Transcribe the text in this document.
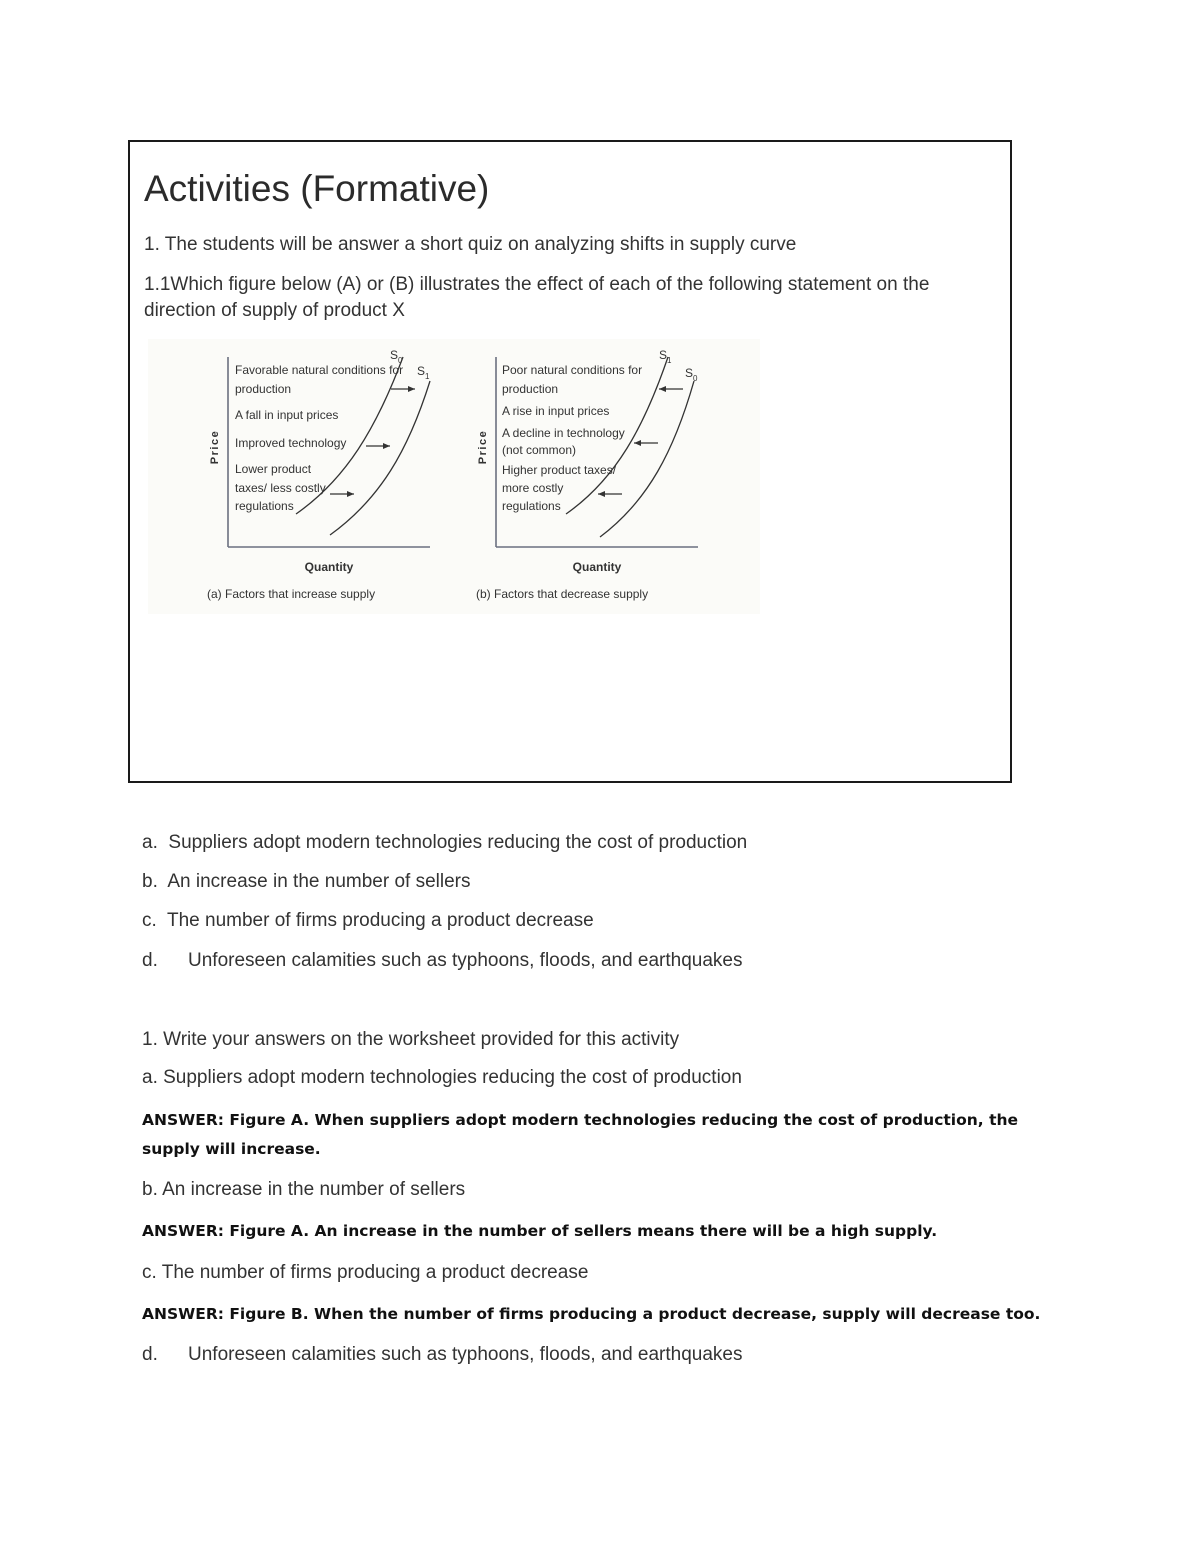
Activities (Formative)

1. The students will be answer a short quiz on analyzing shifts in supply curve

1.1Which figure below (A) or (B) illustrates the effect of each of the following statement on the direction of supply of product X

Price
Favorable natural conditions for
production
A fall in input prices
Improved technology
Lower product
taxes/ less costly
regulations
$S_0$
$S_1$
Quantity
(a) Factors that increase supply
Price
Poor natural conditions for
production
A rise in input prices
A decline in technology
(not common)
Higher product taxes/
more costly
regulations
$S_1$
$S_0$
Quantity
(b) Factors that decrease supply

a. Suppliers adopt modern technologies reducing the cost of production

b. An increase in the number of sellers

c. The number of firms producing a product decrease

d. Unforeseen calamities such as typhoons, floods, and earthquakes

1. Write your answers on the worksheet provided for this activity

a. Suppliers adopt modern technologies reducing the cost of production

ANSWER: Figure A. When suppliers adopt modern technologies reducing the cost of production, the supply will increase.

b. An increase in the number of sellers

ANSWER: Figure A. An increase in the number of sellers means there will be a high supply.

c. The number of firms producing a product decrease

ANSWER: Figure B. When the number of firms producing a product decrease, supply will decrease too.

d. Unforeseen calamities such as typhoons, floods, and earthquakes
